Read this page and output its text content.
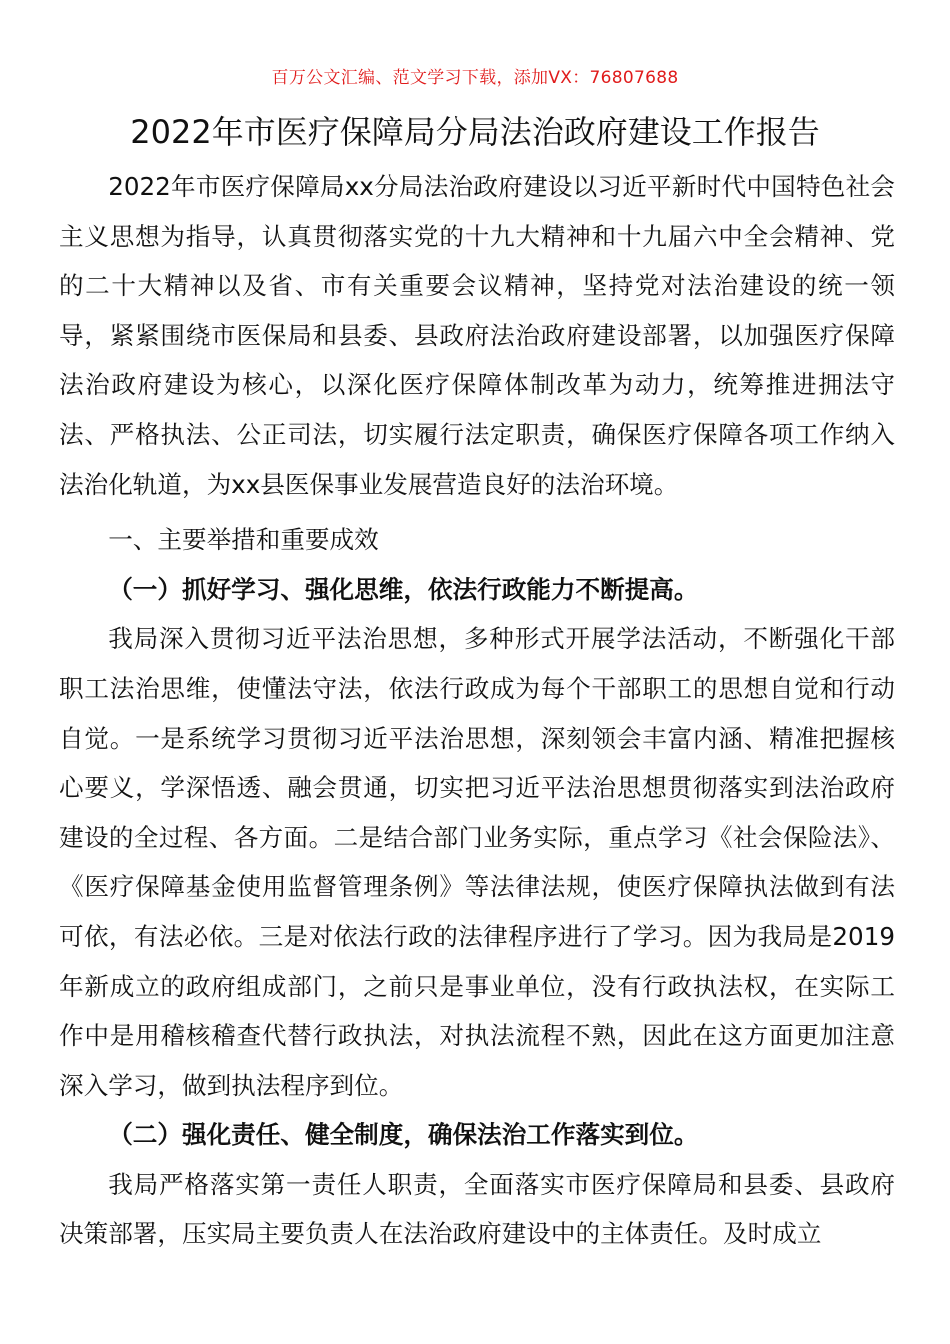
百万公文汇编、范文学习下载，添加VX：76807688
2022年市医疗保障局分局法治政府建设工作报告

2022年市医疗保障局xx分局法治政府建设以习近平新时代中国特色社会主义思想为指导，认真贯彻落实党的十九大精神和十九届六中全会精神、党的二十大精神以及省、市有关重要会议精神，坚持党对法治建设的统一领导，紧紧围绕市医保局和县委、县政府法治政府建设部署，以加强医疗保障法治政府建设为核心，以深化医疗保障体制改革为动力，统筹推进拥法守法、严格执法、公正司法，切实履行法定职责，确保医疗保障各项工作纳入法治化轨道，为xx县医保事业发展营造良好的法治环境。

一、主要举措和重要成效

（一）抓好学习、强化思维，依法行政能力不断提高。

我局深入贯彻习近平法治思想，多种形式开展学法活动，不断强化干部职工法治思维，使懂法守法，依法行政成为每个干部职工的思想自觉和行动自觉。一是系统学习贯彻习近平法治思想，深刻领会丰富内涵、精准把握核心要义，学深悟透、融会贯通，切实把习近平法治思想贯彻落实到法治政府建设的全过程、各方面。二是结合部门业务实际，重点学习《社会保险法》、《医疗保障基金使用监督管理条例》等法律法规，使医疗保障执法做到有法可依，有法必依。三是对依法行政的法律程序进行了学习。因为我局是2019年新成立的政府组成部门，之前只是事业单位，没有行政执法权，在实际工作中是用稽核稽查代替行政执法，对执法流程不熟，因此在这方面更加注意深入学习，做到执法程序到位。

（二）强化责任、健全制度，确保法治工作落实到位。

我局严格落实第一责任人职责，全面落实市医疗保障局和县委、县政府决策部署，压实局主要负责人在法治政府建设中的主体责任。及时成立
